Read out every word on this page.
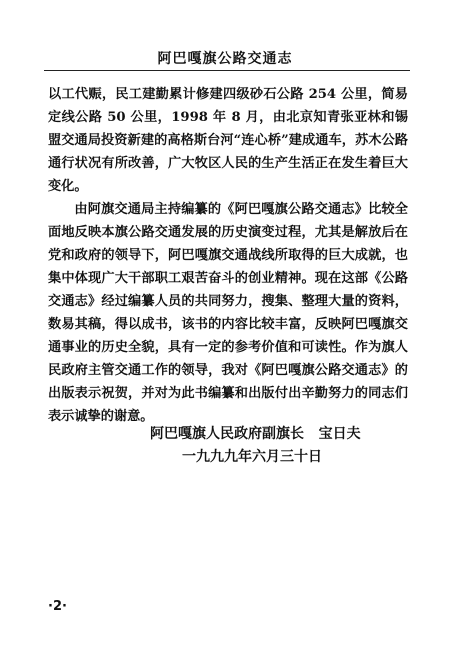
阿巴嘎旗公路交通志

以工代赈，民工建勤累计修建四级砂石公路 254 公里，简易定线公路 50 公里，1998 年 8 月，由北京知青张亚林和锡盟交通局投资新建的高格斯台河“连心桥”建成通车，苏木公路通行状况有所改善，广大牧区人民的生产生活正在发生着巨大变化。

由阿旗交通局主持编纂的《阿巴嘎旗公路交通志》比较全面地反映本旗公路交通发展的历史演变过程，尤其是解放后在党和政府的领导下，阿巴嘎旗交通战线所取得的巨大成就，也集中体现广大干部职工艰苦奋斗的创业精神。现在这部《公路交通志》经过编纂人员的共同努力，搜集、整理大量的资料，数易其稿，得以成书，该书的内容比较丰富，反映阿巴嘎旗交通事业的历史全貌，具有一定的参考价值和可读性。作为旗人民政府主管交通工作的领导，我对《阿巴嘎旗公路交通志》的出版表示祝贺，并对为此书编纂和出版付出辛勤努力的同志们表示诚挚的谢意。

阿巴嘎旗人民政府副旗长   宝日夫
一九九九年六月三十日
·2·
